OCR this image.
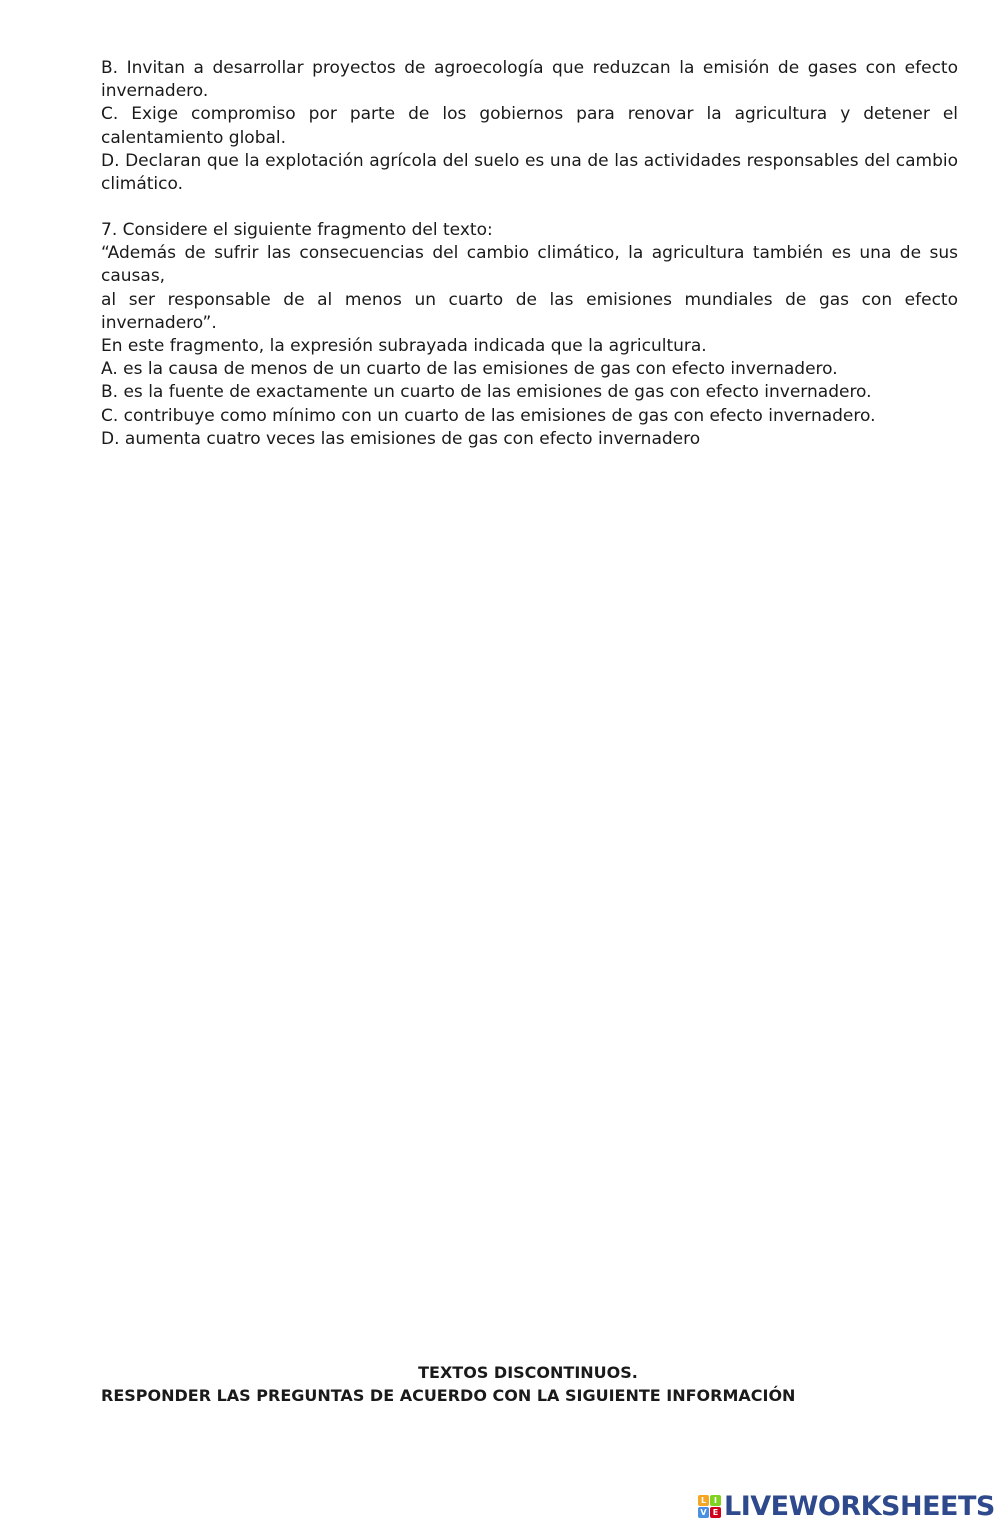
B. Invitan a desarrollar proyectos de agroecología que reduzcan la emisión de gases con efecto invernadero.

C. Exige compromiso por parte de los gobiernos para renovar la agricultura y detener el calentamiento global.

D. Declaran que la explotación agrícola del suelo es una de las actividades responsables del cambio climático.

7. Considere el siguiente fragmento del texto:

“Además de sufrir las consecuencias del cambio climático, la agricultura también es una de sus causas,

al ser responsable de al menos un cuarto de las emisiones mundiales de gas con efecto invernadero”.

En este fragmento, la expresión subrayada indicada que la agricultura.

A. es la causa de menos de un cuarto de las emisiones de gas con efecto invernadero.

B. es la fuente de exactamente un cuarto de las emisiones de gas con efecto invernadero.

C. contribuye como mínimo con un cuarto de las emisiones de gas con efecto invernadero.

D. aumenta cuatro veces las emisiones de gas con efecto invernadero

TEXTOS DISCONTINUOS.
RESPONDER LAS PREGUNTAS DE ACUERDO CON LA SIGUIENTE INFORMACIÓN
L I
V E LIVEWORKSHEETS
